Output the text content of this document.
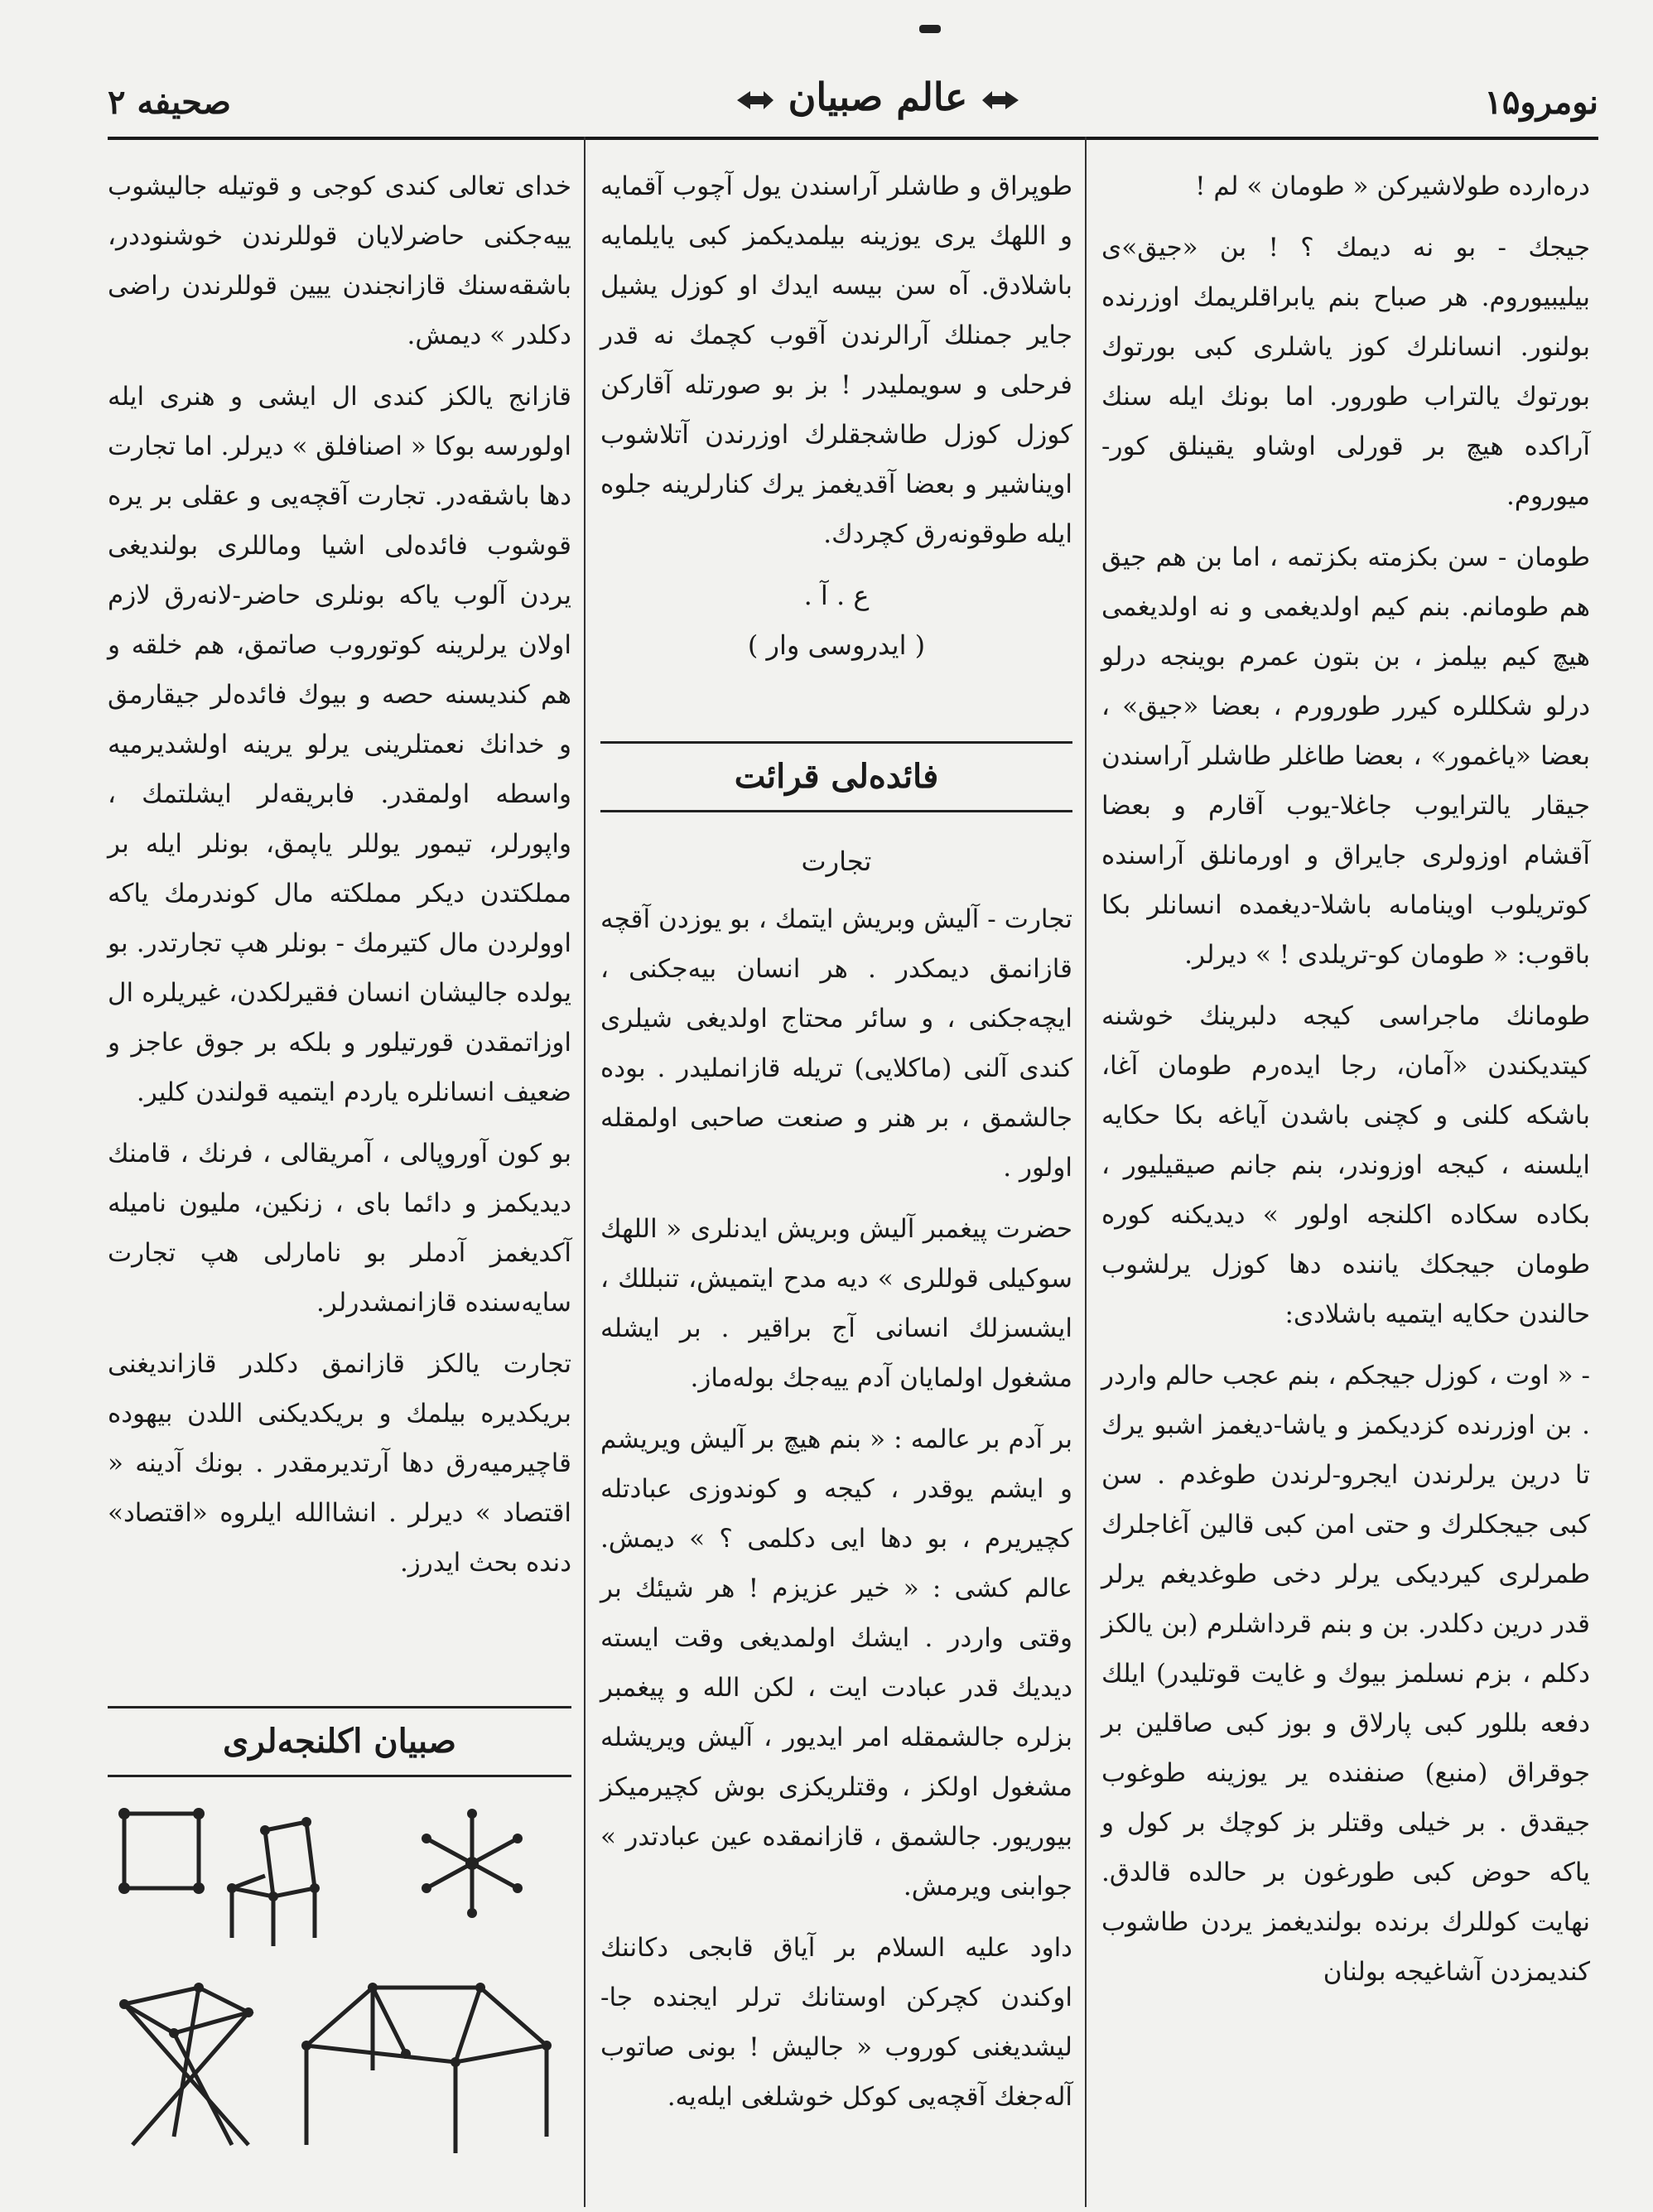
صحیفه ۲	عالم صبیان	نومرو۱۵

درەاردە طولاشیرکن « طومان » لم !

جیجك - بو نە دیمك ؟ ! بن «جیق»ی بیلیبیوروم. هر صباح بنم یابراقلریمك اوزرندە بولنور. انسانلرك کوز یاشلری کبی بورتوك بورتوك یالتراب طورور. اما بونك ایلە سنك آراکدە هیچ بر قورلی اوشاو یقینلق کور-میوروم.

طومان - سن بکزمتە بکزتمە ، اما بن هم جیق هم طومانم. بنم کیم اولدیغمی و نە اولدیغمی هیچ کیم بیلمز ، بن بتون عمرم بوینجە درلو درلو شکللرە کیرر طورورم ، بعضا «جیق» ، بعضا «یاغمور» ، بعضا طاغلر طاشلر آراسندن جیقار یالترایوب جاغلا-یوب آقارم و بعضا آقشام اوزولری جایراق و اورمانلق آراسندە کوتریلوب اویناماىە باشلا-دیغمدە انسانلر بکا باقوب: « طومان کو-تریلدی ! » دیرلر.

طومانك ماجراسی کیجە دلبرینك خوشنە کیتدیکندن «آمان، رجا ایدەرم طومان آغا، باشکە کلنی و کچنی باشدن آیاغە بکا حکایە ایلسنە ، کیجە اوزوندر، بنم جانم صیقیلیور ، بکاده سکاده اکلنجە اولور » دیدیکنە کورە طومان جیجکك یانندە دها کوزل یرلشوب حالندن حکایە ایتمیە باشلادی:

- « اوت ، کوزل جیجکم ، بنم عجب حالم واردر . بن اوزرندە کزدیکمز و یاشا-دیغمز اشبو یرك تا درین یرلرندن ایجرو-لرندن طوغدم . سن کبی جیجکلرك و حتی امن کبی قالین آغاجلرك طمرلری کیردیکی یرلر دخی طوغدیغم یرلر قدر درین دکلدر. بن و بنم قرداشلرم (بن یالکز دکلم ، بزم نسلمز بیوك و غایت قوتلیدر) ایلك دفعە بللور کبی پارلاق و بوز کبی صاقلین بر جوقراق (منبع) صنفندە یر یوزینە طوغوب جیقدق . بر خیلی وقتلر بز کوچك بر کول و یاکە حوض کبی طورغون بر حالدە قالدق. نهایت کوللرك برندە بولندیغمز یردن طاشوب کندیمزدن آشاغیجە بولنان

طوپراق و طاشلر آراسندن یول آچوب آقمایە و اللهك یری یوزینە بیلمدیکمز کبی یایلمایە باشلادق. آە سن بیسە ایدك او کوزل یشیل جایر جمنلك آرالرندن آقوب کچمك نە قدر فرحلی و سویملیدر ! بز بو صورتلە آقارکن کوزل کوزل طاشجقلرك اوزرندن آتلاشوب اویناشیر و بعضا آقدیغمز یرك کنارلرینە جلوە ایلە طوقونەرق کچردك.

ع . آ .
( ایدروسی وار )
فائدەلی قرائت
تجارت

تجارت - آلیش وبریش ایتمك ، بو یوزدن آقچە قازانمق دیمکدر . هر انسان بیەجکنی ، ایچەجکنی ، و سائر محتاج اولدیغی شیلری کندی آلنی (ماکلایی) تریلە قازانملیدر . بودە جالشمق ، بر هنر و صنعت صاحبی اولمقلە اولور .

حضرت پیغمبر آلیش وبریش ایدنلری « اللهك سوکیلی قوللری » دیە مدح ایتمیش، تنبللك ، ایشسزلك انسانی آج براقیر . بر ایشلە مشغول اولمایان آدم ییەجك بولەماز.

بر آدم بر عالمە : « بنم هیچ بر آلیش ویریشم و ایشم یوقدر ، کیجە و کوندوزی عبادتلە کچیریرم ، بو دها ایی دکلمی ؟ » دیمش. عالم کشی : « خیر عزیزم ! هر شیئك بر وقتی واردر . ایشك اولمدیغی وقت ایستە دیدیك قدر عبادت ایت ، لکن اللە و پیغمبر بزلرە جالشمقلە امر ایدیور ، آلیش ویریشلە مشغول اولکز ، وقتلریکزی بوش کچیرمیکز بیوریور. جالشمق ، قازانمقدە عین عبادتدر » جوابنی ویرمش.

داود علیە السلام بر آیاق قابجی دکاننك اوکندن کچرکن اوستانك ترلر ایجندە جا-لیشدیغنی کوروب « جالیش ! بونی صاتوب آلەجغك آقچەیی کوکل خوشلغی ایلەیە.

خدای تعالی کندی کوجی و قوتیلە جالیشوب ییەجکنی حاضرلایان قوللرندن خوشنوددر، باشقەسنك قازانجندن ییین قوللرندن راضی دکلدر » دیمش.

قازانج یالکز کندی ال ایشی و هنری ایلە اولورسە بوکا « اصنافلق » دیرلر. اما تجارت دها باشقەدر. تجارت آقچەیی و عقلی بر یرە قوشوب فائدەلی اشیا وماللری بولندیغی یردن آلوب یاکە بونلری حاضر-لانەرق لازم اولان یرلرینە کوتوروب صاتمق، هم خلقە و هم کندیسنە حصە و بیوك فائدەلر جیقارمق و خدانك نعمتلرینی یرلو یرینە اولشدیرمیە واسطە اولمقدر. فابریقەلر ایشلتمك ، واپورلر، تیمور یوللر یاپمق، بونلر ایلە بر مملکتدن دیکر مملکتە مال کوندرمك یاکە اوولردن مال کتیرمك - بونلر هپ تجارتدر. بو یولدە جالیشان انسان فقیرلکدن، غیریلرە ال اوزاتمقدن قورتیلور و بلکە بر جوق عاجز و ضعیف انسانلرە یاردم ایتمیە قولندن کلیر.

بو کون آوروپالی ، آمریقالی ، فرنك ، قامنك دیدیکمز و دائما بای ، زنکین، ملیون نامیلە آکدیغمز آدملر بو نامارلی هپ تجارت سایەسندە قازانمشدرلر.

تجارت یالکز قازانمق دکلدر قازاندیغنی بریکدیرە بیلمك و بریکدیکنی اللدن بیهودە قاچیرمیەرق دها آرتدیرمقدر . بونك آدینە « اقتصاد » دیرلر . انشاالله ایلروە «اقتصاد» دندە بحث ایدرز.

صبیان اکلنجەلری
